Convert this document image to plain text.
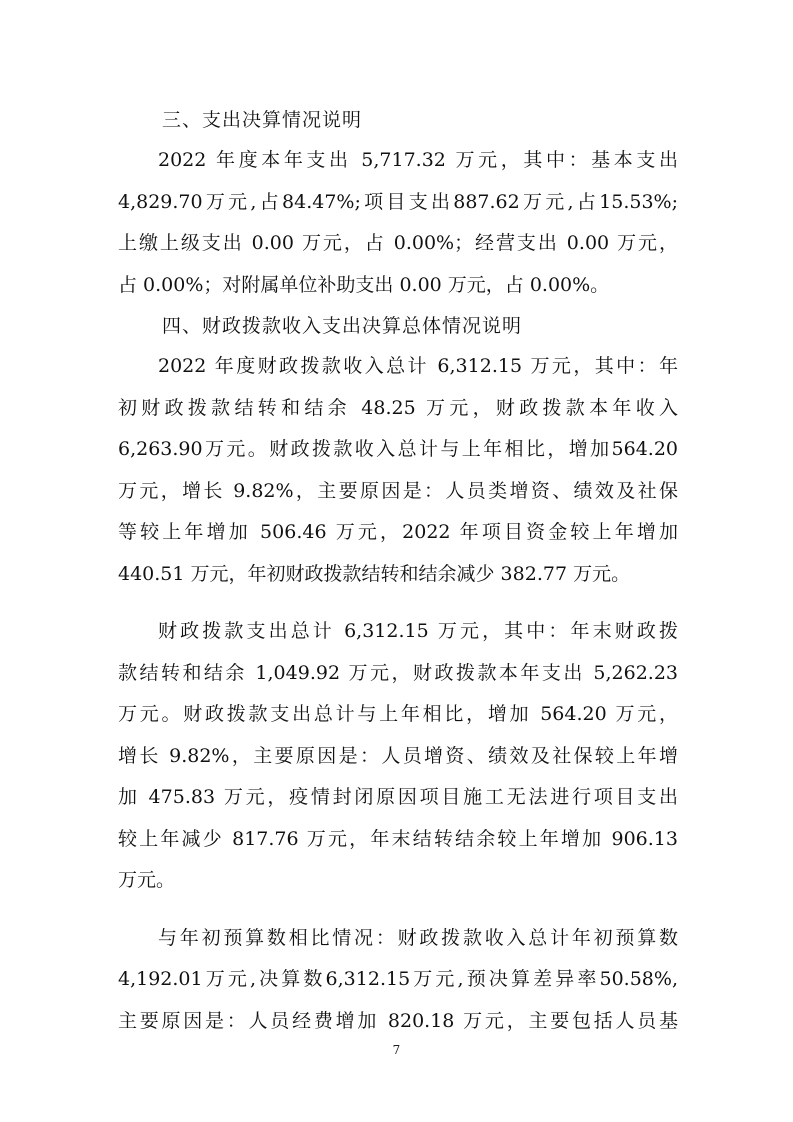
三、支出决算情况说明
2022 年度本年支出 5,717.32 万元，其中：基本支出
4,829.70万元,占84.47%;项目支出887.62万元,占15.53%;
上缴上级支出 0.00 万元，占 0.00%；经营支出 0.00 万元，
占 0.00%；对附属单位补助支出 0.00 万元，占 0.00%。
四、财政拨款收入支出决算总体情况说明
2022 年度财政拨款收入总计 6,312.15 万元，其中：年
初财政拨款结转和结余 48.25 万元，财政拨款本年收入
6,263.90万元。财政拨款收入总计与上年相比，增加564.20
万元，增长 9.82%，主要原因是：人员类增资、绩效及社保
等较上年增加 506.46 万元，2022 年项目资金较上年增加
440.51 万元，年初财政拨款结转和结余减少 382.77 万元。
财政拨款支出总计 6,312.15 万元，其中：年末财政拨
款结转和结余 1,049.92 万元，财政拨款本年支出 5,262.23
万元。财政拨款支出总计与上年相比，增加 564.20 万元，
增长 9.82%，主要原因是：人员增资、绩效及社保较上年增
加 475.83 万元，疫情封闭原因项目施工无法进行项目支出
较上年减少 817.76 万元，年末结转结余较上年增加 906.13
万元。
与年初预算数相比情况：财政拨款收入总计年初预算数
4,192.01万元,决算数6,312.15万元,预决算差异率50.58%,
主要原因是：人员经费增加 820.18 万元，主要包括人员基
7
